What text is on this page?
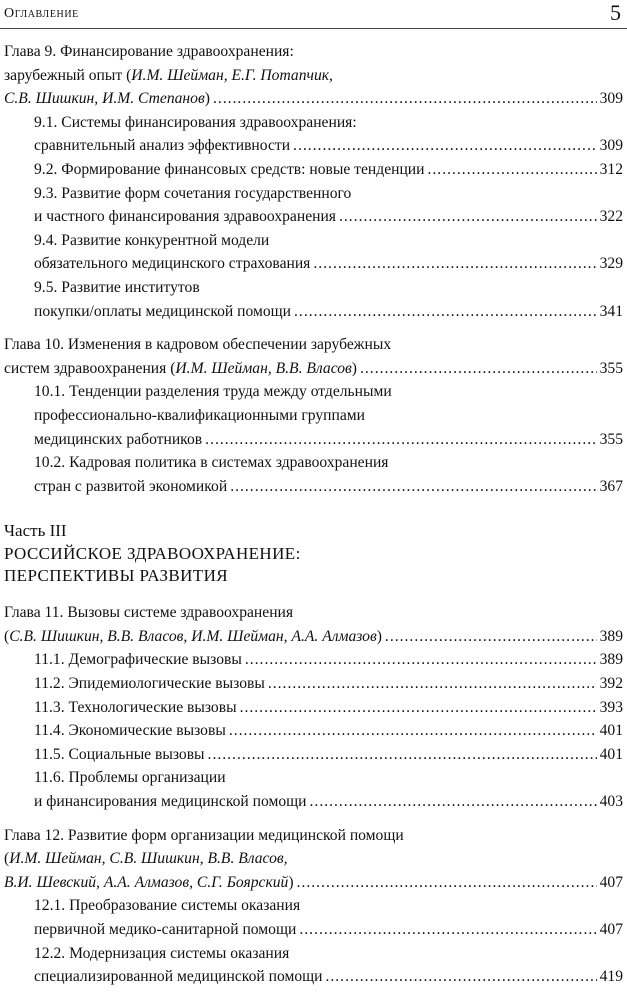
Оглавление	5
Глава 9. Финансирование здравоохранения:
зарубежный опыт (И.М. Шейман, Е.Г. Потапчик,
С.В. Шишкин, И.М. Степанов) .....	309
9.1. Системы финансирования здравоохранения:
сравнительный анализ эффективности .....	309
9.2. Формирование финансовых средств: новые тенденции .....	312
9.3. Развитие форм сочетания государственного
и частного финансирования здравоохранения .....	322
9.4. Развитие конкурентной модели
обязательного медицинского страхования .....	329
9.5. Развитие институтов
покупки/оплаты медицинской помощи .....	341
Глава 10. Изменения в кадровом обеспечении зарубежных
систем здравоохранения (И.М. Шейман, В.В. Власов) .....	355
10.1. Тенденции разделения труда между отдельными
профессионально-квалификационными группами
медицинских работников .....	355
10.2. Кадровая политика в системах здравоохранения
стран с развитой экономикой .....	367
Часть III
РОССИЙСКОЕ ЗДРАВООХРАНЕНИЕ:
ПЕРСПЕКТИВЫ РАЗВИТИЯ
Глава 11. Вызовы системе здравоохранения
(С.В. Шишкин, В.В. Власов, И.М. Шейман, А.А. Алмазов) .....	389
11.1. Демографические вызовы .....	389
11.2. Эпидемиологические вызовы .....	392
11.3. Технологические вызовы .....	393
11.4. Экономические вызовы .....	401
11.5. Социальные вызовы .....	401
11.6. Проблемы организации
и финансирования медицинской помощи .....	403
Глава 12. Развитие форм организации медицинской помощи
(И.М. Шейман, С.В. Шишкин, В.В. Власов,
В.И. Шевский, А.А. Алмазов, С.Г. Боярский) .....	407
12.1. Преобразование системы оказания
первичной медико-санитарной помощи .....	407
12.2. Модернизация системы оказания
специализированной медицинской помощи .....	419
